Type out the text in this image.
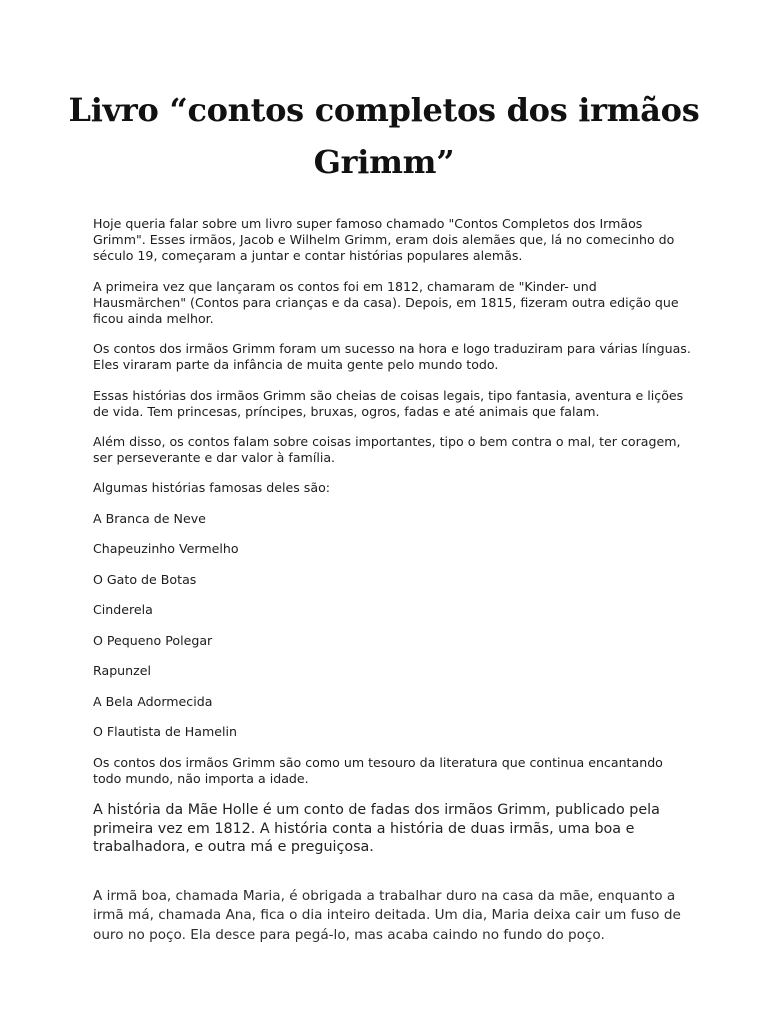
Livro “contos completos dos irmãos Grimm”

Hoje queria falar sobre um livro super famoso chamado "Contos Completos dos Irmãos Grimm". Esses irmãos, Jacob e Wilhelm Grimm, eram dois alemães que, lá no comecinho do século 19, começaram a juntar e contar histórias populares alemãs.

A primeira vez que lançaram os contos foi em 1812, chamaram de "Kinder- und Hausmärchen" (Contos para crianças e da casa). Depois, em 1815, fizeram outra edição que ficou ainda melhor.

Os contos dos irmãos Grimm foram um sucesso na hora e logo traduziram para várias línguas. Eles viraram parte da infância de muita gente pelo mundo todo.

Essas histórias dos irmãos Grimm são cheias de coisas legais, tipo fantasia, aventura e lições de vida. Tem princesas, príncipes, bruxas, ogros, fadas e até animais que falam.

Além disso, os contos falam sobre coisas importantes, tipo o bem contra o mal, ter coragem, ser perseverante e dar valor à família.

Algumas histórias famosas deles são:

A Branca de Neve
Chapeuzinho Vermelho
O Gato de Botas
Cinderela
O Pequeno Polegar
Rapunzel
A Bela Adormecida
O Flautista de Hamelin

Os contos dos irmãos Grimm são como um tesouro da literatura que continua encantando todo mundo, não importa a idade.

A história da Mãe Holle é um conto de fadas dos irmãos Grimm, publicado pela primeira vez em 1812. A história conta a história de duas irmãs, uma boa e trabalhadora, e outra má e preguiçosa.

A irmã boa, chamada Maria, é obrigada a trabalhar duro na casa da mãe, enquanto a irmã má, chamada Ana, fica o dia inteiro deitada. Um dia, Maria deixa cair um fuso de ouro no poço. Ela desce para pegá-lo, mas acaba caindo no fundo do poço.
